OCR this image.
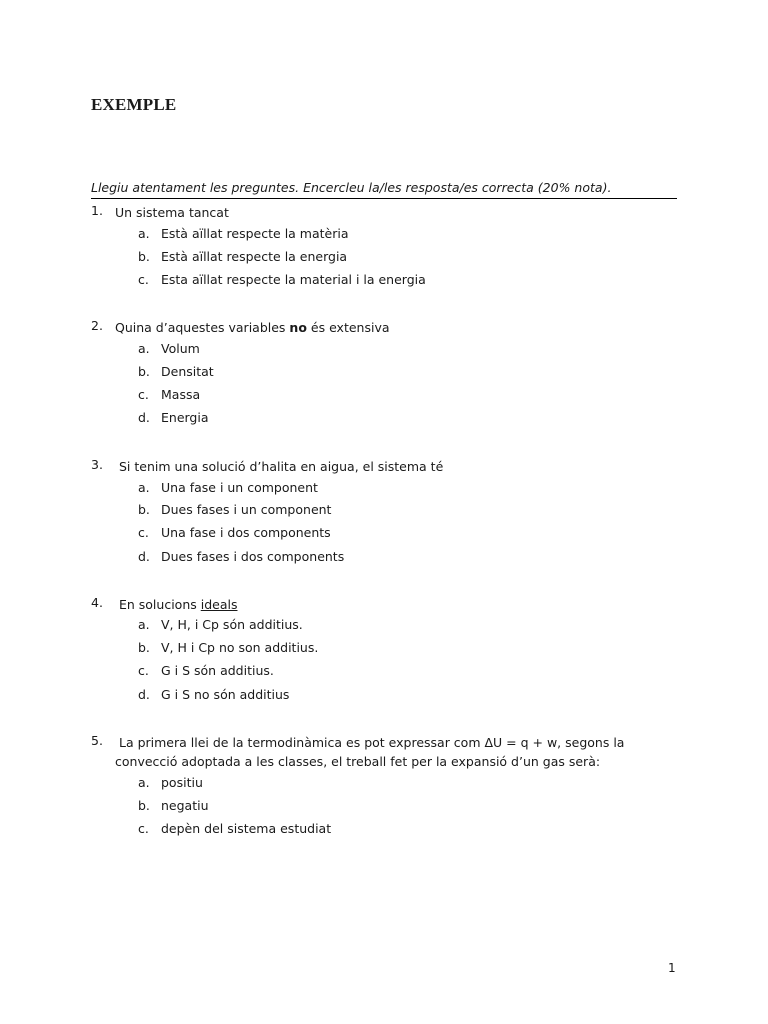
EXEMPLE
Llegiu atentament les preguntes. Encercleu la/les resposta/es correcta (20% nota).
1. Un sistema tancat
a. Està aïllat respecte la matèria
b. Està aïllat respecte la energia
c. Esta aïllat respecte la material i la energia
2. Quina d’aquestes variables no és extensiva
a. Volum
b. Densitat
c. Massa
d. Energia
3. Si tenim una solució d’halita en aigua, el sistema té
a. Una fase i un component
b. Dues fases i un component
c. Una fase i dos components
d. Dues fases i dos components
4. En solucions ideals
a. V, H, i Cp són additius.
b. V, H i Cp no son additius.
c. G i S són additius.
d. G i S no són additius
5. La primera llei de la termodinàmica es pot expressar com ΔU = q + w, segons la
convecció adoptada a les classes, el treball fet per la expansió d’un gas serà:
a. positiu
b. negatiu
c. depèn del sistema estudiat
1
